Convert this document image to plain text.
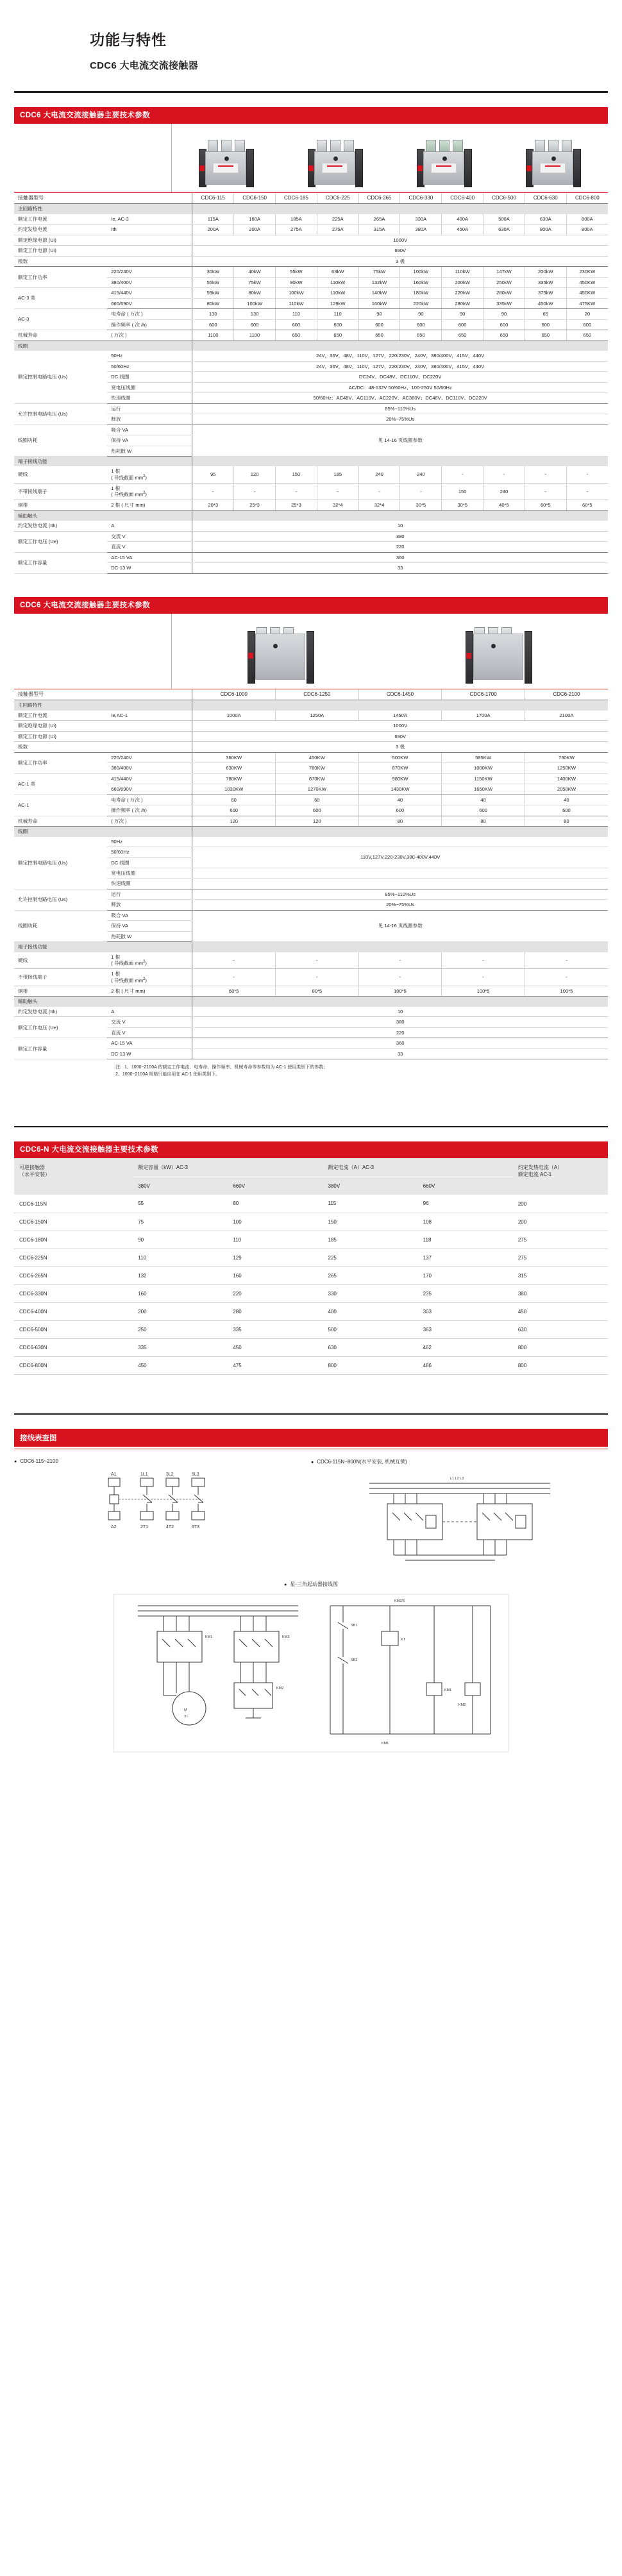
功能与特性
CDC6 大电流交流接触器
CDC6 大电流交流接触器主要技术参数
接触器型号		CDC6-115	CDC6-150	CDC6-185	CDC6-225	CDC6-265	CDC6-330	CDC6-400	CDC6-500	CDC6-630	CDC6-800
主回路特性											
额定工作电流	Ie, AC-3	115A	160A	185A	225A	265A	330A	400A	500A	630A	800A
约定发热电流	Ith	200A	200A	275A	275A	315A	380A	450A	630A	800A	800A
额定绝缘电源 (Ui)		1000V									
额定工作电源 (Ui)		690V									
极数		3 极									
额定工作功率	220/240V	30kW	40kW	55kW	63kW	75kW	100kW	110kW	147kW	200kW	230KW
	380/400V	55kW	75kW	90kW	110kW	132kW	160kW	200kW	250kW	335kW	450KW
AC-3 类	415/440V	59kW	80kW	100kW	110kW	140kW	180kW	220kW	280kW	375kW	450KW
	660/690V	80kW	100kW	110kW	129kW	160kW	220kW	280kW	335kW	450kW	475KW
AC-3	电寿命 ( 万次 )	130	130	110	110	90	90	90	90	65	20
	操作频率 ( 次 /h)	600	600	600	600	600	600	600	600	600	600
机械寿命	( 万次 )	1100	1100	650	650	650	650	650	650	650	650
线圈											
额定控制电路电压 (Us)	50Hz	24V，36V，48V，110V，127V，220/230V，240V，380/400V，415V，440V									
	50/60Hz	24V，36V，48V，110V，127V，220/230V，240V，380/400V，415V，440V									
	DC 线圈	DC24V、DC48V、DC110V、DC220V									
	宽电压线圈	AC/DC：48-132V 50/60Hz、100-250V 50/60Hz									
	快速线圈	50/60Hz：AC48V、AC110V、AC220V、AC380V；DC48V、DC110V、DC220V									
允许控制电路电压 (Us)	运行	85%~110%Us									
	释放	20%~75%Us									
线圈功耗	吸合 VA	见 14-16 页线圈参数									
	保持 VA										
	热耗散 W										
端子接线功能											
硬线	1 根
( 导线截面 $mm^2$)	95	120	150	185	240	240	-	-	-	-
不带接线端子	1 根
( 导线截面 $mm^2$)	-	-	-	-	-	-	150	240	-	-
铜排	2 根 ( 尺寸 mm)	20*3	25*3	25*3	32*4	32*4	30*5	30*5	40*5	60*5	60*5
辅助触头											
约定发热电流 (Ith)	A	10									
额定工作电压 (Ue)	交流 V	380									
	直流 V	220									
额定工作容量	AC-15 VA	360									
	DC-13 W	33									
CDC6 大电流交流接触器主要技术参数
接触器型号		CDC6-1000	CDC6-1250	CDC6-1450	CDC6-1700	CDC6-2100
主回路特性						
额定工作电流	Ie,AC-1	1000A	1250A	1450A	1700A	2100A
额定绝缘电源 (Ui)		1000V				
额定工作电源 (Ui)		690V				
极数		3 极				
额定工作功率	220/240V	360KW	450KW	500KW	585KW	730KW
	380/400V	630KW	780KW	870KW	1000KW	1250KW
AC-1 类	415/440V	780KW	870KW	980KW	1150KW	1400KW
	660/690V	1030KW	1270KW	1430KW	1650KW	2050KW
AC-1	电寿命 ( 万次 )	60	60	40	40	40
	操作频率 ( 次 /h)	600	600	600	600	600
机械寿命	( 万次 )	120	120	80	80	80
线圈						
额定控制电路电压 (Us)	50Hz					
	50/60Hz	110V,127V,220-230V,380-400V,440V				
	DC 线圈					
	宽电压线圈					
	快速线圈					
允许控制电路电压 (Us)	运行	85%~110%Us				
	释放	20%~75%Us				
线圈功耗	吸合 VA	见 14-16 页线圈参数				
	保持 VA					
	热耗散 W					
端子接线功能						
硬线	1 根
( 导线截面 $mm^2$)	-	-	-	-	-
不带接线端子	1 根
( 导线截面 $mm^2$)	-	-	-	-	-
铜排	2 根 ( 尺寸 mm)	60*5	80*5	100*5	100*5	100*5
辅助触头						
约定发热电流 (Ith)	A	10				
额定工作电压 (Ue)	交流 V	380				
	直流 V	220				
额定工作容量	AC-15 VA	360				
	DC-13 W	33				
注：1、1000~2100A 的额定工作电流、电寿命、操作频率、机械寿命等参数均为 AC-1 使用类别下的参数；
2、1000~2100A 规格只能应用在 AC-1 使用类别下。
CDC6-N 大电流交流接触器主要技术参数
可逆接触器
（水平安装）
	额定容量（kW）AC-3	额定电流（A）AC-3	约定发热电流（A）
额定电流 AC-1

	380V	660V	380V	660V	
CDC6-115N	55	80	115	96	200
CDC6-150N	75	100	150	108	200
CDC6-180N	90	110	185	118	275
CDC6-225N	110	129	225	137	275
CDC6-265N	132	160	265	170	315
CDC6-330N	160	220	330	235	380
CDC6-400N	200	280	400	303	450
CDC6-500N	250	335	500	363	630
CDC6-630N	335	450	630	462	800
CDC6-800N	450	475	800	486	800
接线表查图
● CDC6-115~2100
A1
A2
1L1
2T1
3L2
4T2
5L3
6T3
● CDC6-115N~800N(水平安装, 机械互锁)
L1 L2 L3
● 星-三角起动器接线图
KM1	KM3
M
3~
KM2
KM2/3
SB1
SB2
KT
KM1
KM2
KM1
